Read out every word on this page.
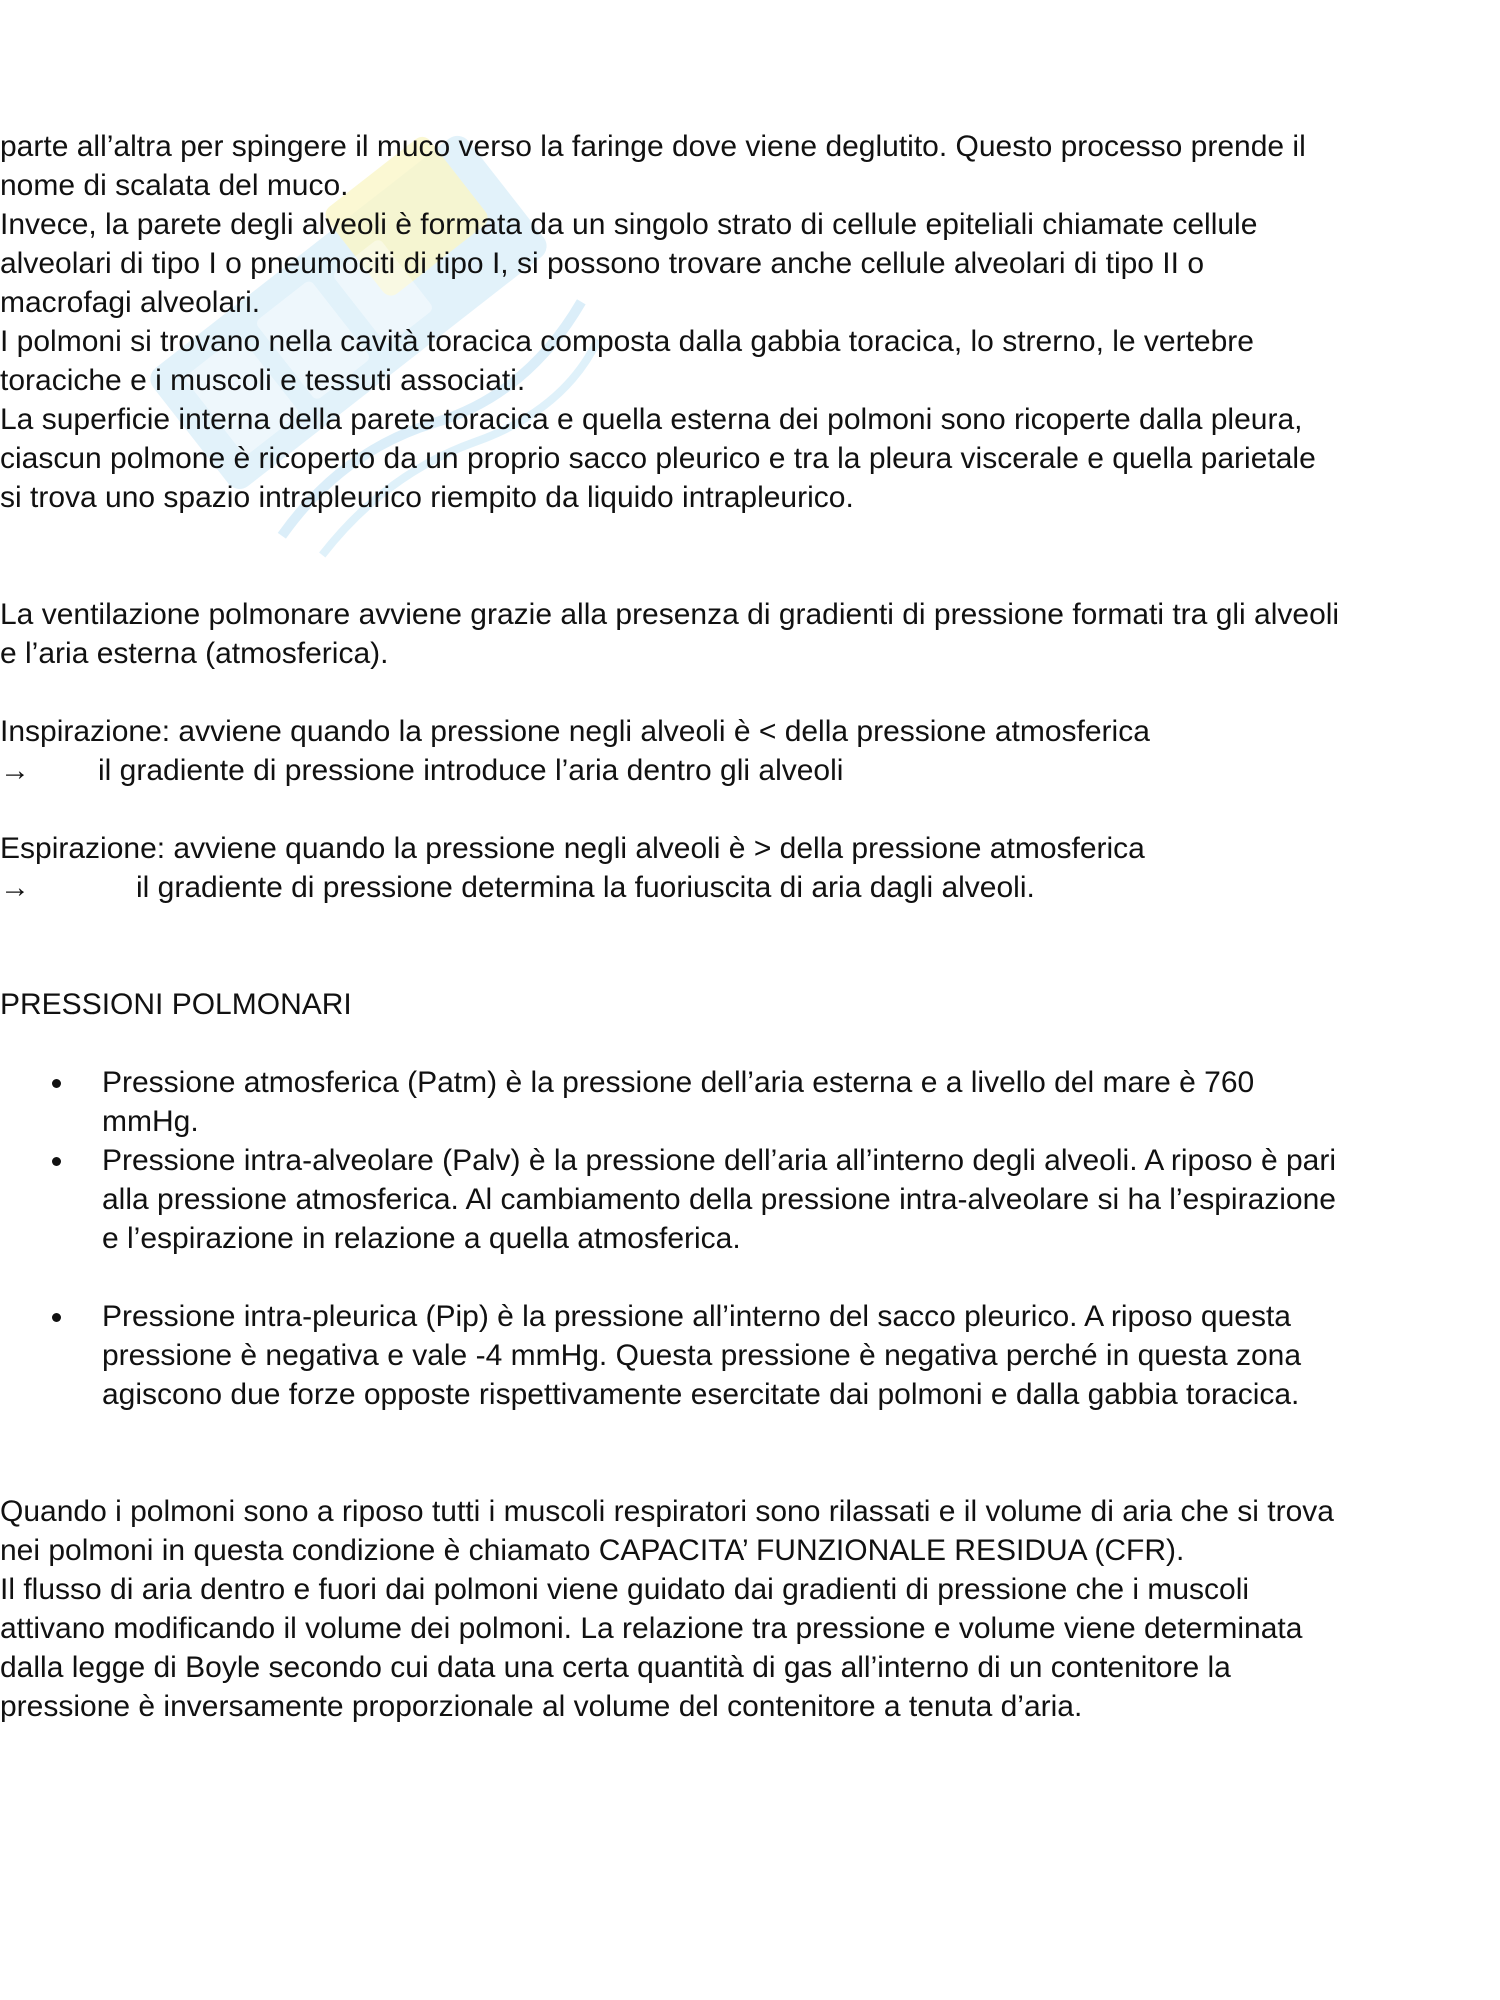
parte all’altra per spingere il muco verso la faringe dove viene deglutito. Questo processo prende il nome di scalata del muco.

Invece, la parete degli alveoli è formata da un singolo strato di cellule epiteliali chiamate cellule alveolari di tipo I o pneumociti di tipo I, si possono trovare anche cellule alveolari di tipo II o macrofagi alveolari.

I polmoni si trovano nella cavità toracica composta dalla gabbia toracica, lo strerno, le vertebre toraciche e i muscoli e tessuti associati.

La superficie interna della parete toracica e quella esterna dei polmoni sono ricoperte dalla pleura, ciascun polmone è ricoperto da un proprio sacco pleurico e tra la pleura viscerale e quella parietale si trova uno spazio intrapleurico riempito da liquido intrapleurico.

La ventilazione polmonare avviene grazie alla presenza di gradienti di pressione formati tra gli alveoli e l’aria esterna (atmosferica).

Inspirazione: avviene quando la pressione negli alveoli è < della pressione atmosferica

→	il gradiente di pressione introduce l’aria dentro gli alveoli

Espirazione: avviene quando la pressione negli alveoli è > della pressione atmosferica

→	il gradiente di pressione determina la fuoriuscita di aria dagli alveoli.

PRESSIONI POLMONARI

Pressione atmosferica (Patm) è la pressione dell’aria esterna e a livello del mare è 760 mmHg.
Pressione intra-alveolare (Palv) è la pressione dell’aria all’interno degli alveoli. A riposo è pari alla pressione atmosferica. Al cambiamento della pressione intra-alveolare si ha l’espirazione e l’espirazione in relazione a quella atmosferica.
Pressione intra-pleurica (Pip) è la pressione all’interno del sacco pleurico. A riposo questa pressione è negativa e vale -4 mmHg. Questa pressione è negativa perché in questa zona agiscono due forze opposte rispettivamente esercitate dai polmoni e dalla gabbia toracica.

Quando i polmoni sono a riposo tutti i muscoli respiratori sono rilassati e il volume di aria che si trova nei polmoni in questa condizione è chiamato CAPACITA’ FUNZIONALE RESIDUA (CFR).

Il flusso di aria dentro e fuori dai polmoni viene guidato dai gradienti di pressione che i muscoli attivano modificando il volume dei polmoni. La relazione tra pressione e volume viene determinata dalla legge di Boyle secondo cui data una certa quantità di gas all’interno di un contenitore la pressione è inversamente proporzionale al volume del contenitore a tenuta d’aria.
